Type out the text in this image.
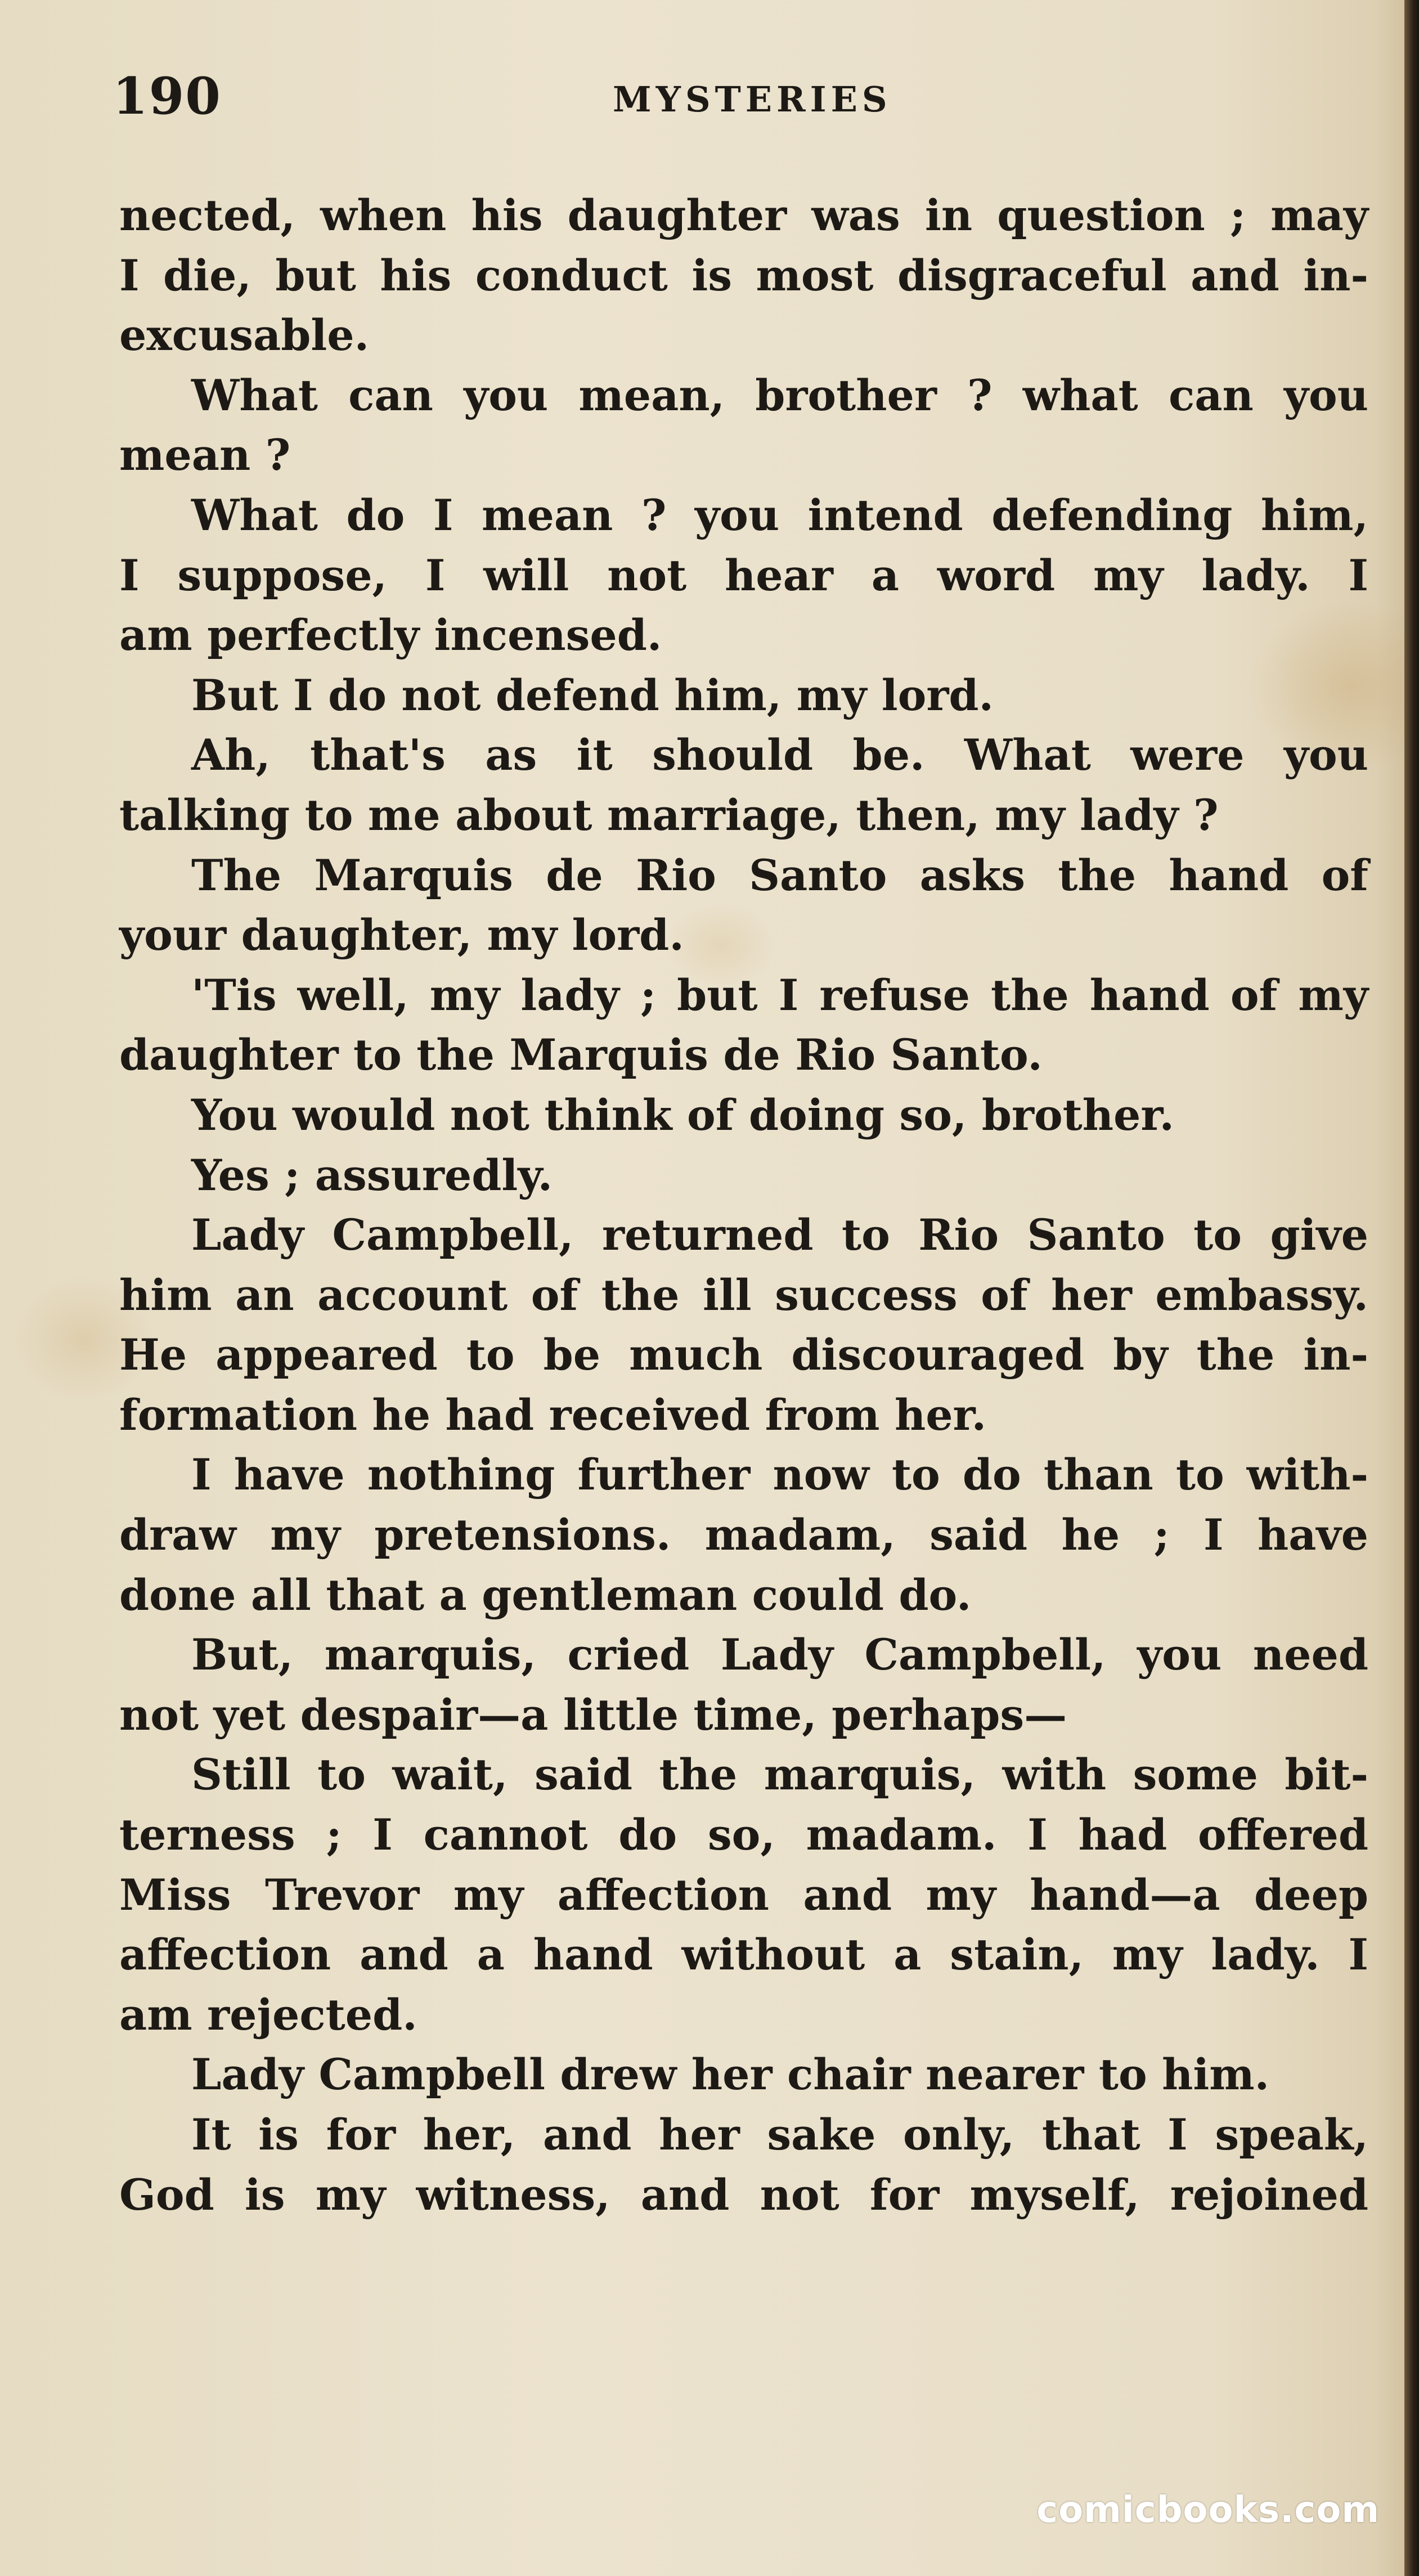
190	MYSTERIES
nected, when his daughter was in question ; may
I die, but his conduct is most disgraceful and in-
excusable.
What can you mean, brother ? what can you
mean ?
What do I mean ? you intend defending him,
I suppose, I will not hear a word my lady. I
am perfectly incensed.
But I do not defend him, my lord.
Ah, that's as it should be. What were you
talking to me about marriage, then, my lady ?
The Marquis de Rio Santo asks the hand of
your daughter, my lord.
'Tis well, my lady ; but I refuse the hand of my
daughter to the Marquis de Rio Santo.
You would not think of doing so, brother.
Yes ; assuredly.
Lady Campbell, returned to Rio Santo to give
him an account of the ill success of her embassy.
He appeared to be much discouraged by the in-
formation he had received from her.
I have nothing further now to do than to with-
draw my pretensions. madam, said he ; I have
done all that a gentleman could do.
But, marquis, cried Lady Campbell, you need
not yet despair—a little time, perhaps—
Still to wait, said the marquis, with some bit-
terness ; I cannot do so, madam. I had offered
Miss Trevor my affection and my hand—a deep
affection and a hand without a stain, my lady. I
am rejected.
Lady Campbell drew her chair nearer to him.
It is for her, and her sake only, that I speak,
God is my witness, and not for myself, rejoined
comicbooks.com
